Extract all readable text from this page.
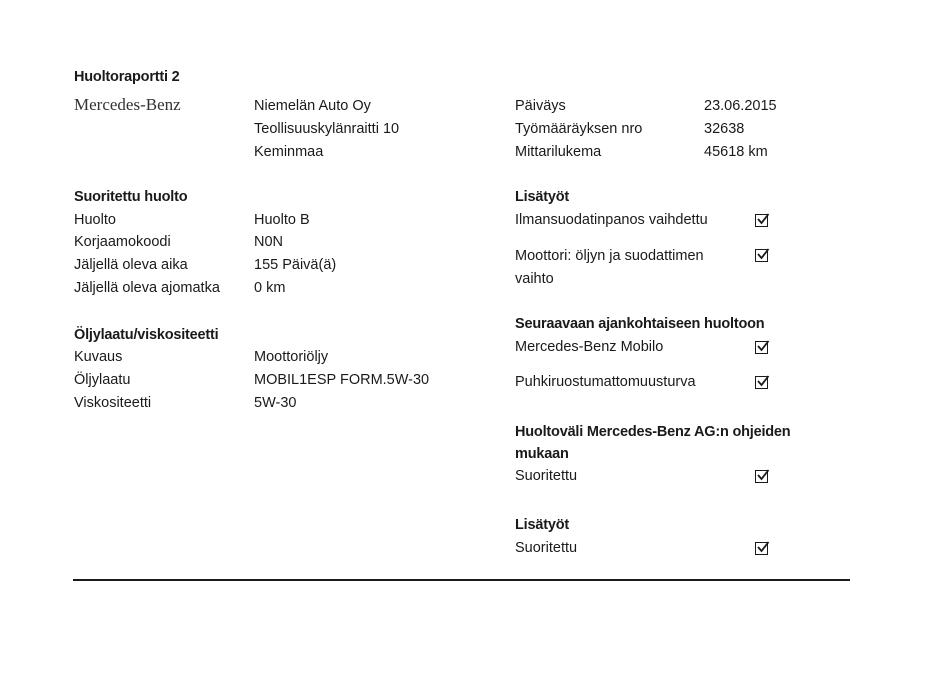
Huoltoraportti 2
Mercedes-Benz	Niemelän Auto Oy
Teollisuuskylänraitti 10
Keminmaa
Päiväys	23.06.2015
Työmääräyksen nro	32638
Mittarilukema	45618 km
Suoritettu huolto
Huolto	Huolto B
Korjaamokoodi	N0N
Jäljellä oleva aika	155 Päivä(ä)
Jäljellä oleva ajomatka 0 km
Öljylaatu/viskositeetti
Kuvaus	Moottoriöljy
Öljylaatu	MOBIL1ESP FORM.5W-30
Viskositeetti	5W-30
Lisätyöt
Ilmansuodatinpanos vaihdettu
Moottori: öljyn ja suodattimen
vaihto
Seuraavaan ajankohtaiseen huoltoon
Mercedes-Benz Mobilo
Puhkiruostumattomuusturva
Huoltoväli Mercedes-Benz AG:n ohjeiden
mukaan
Suoritettu
Lisätyöt
Suoritettu
